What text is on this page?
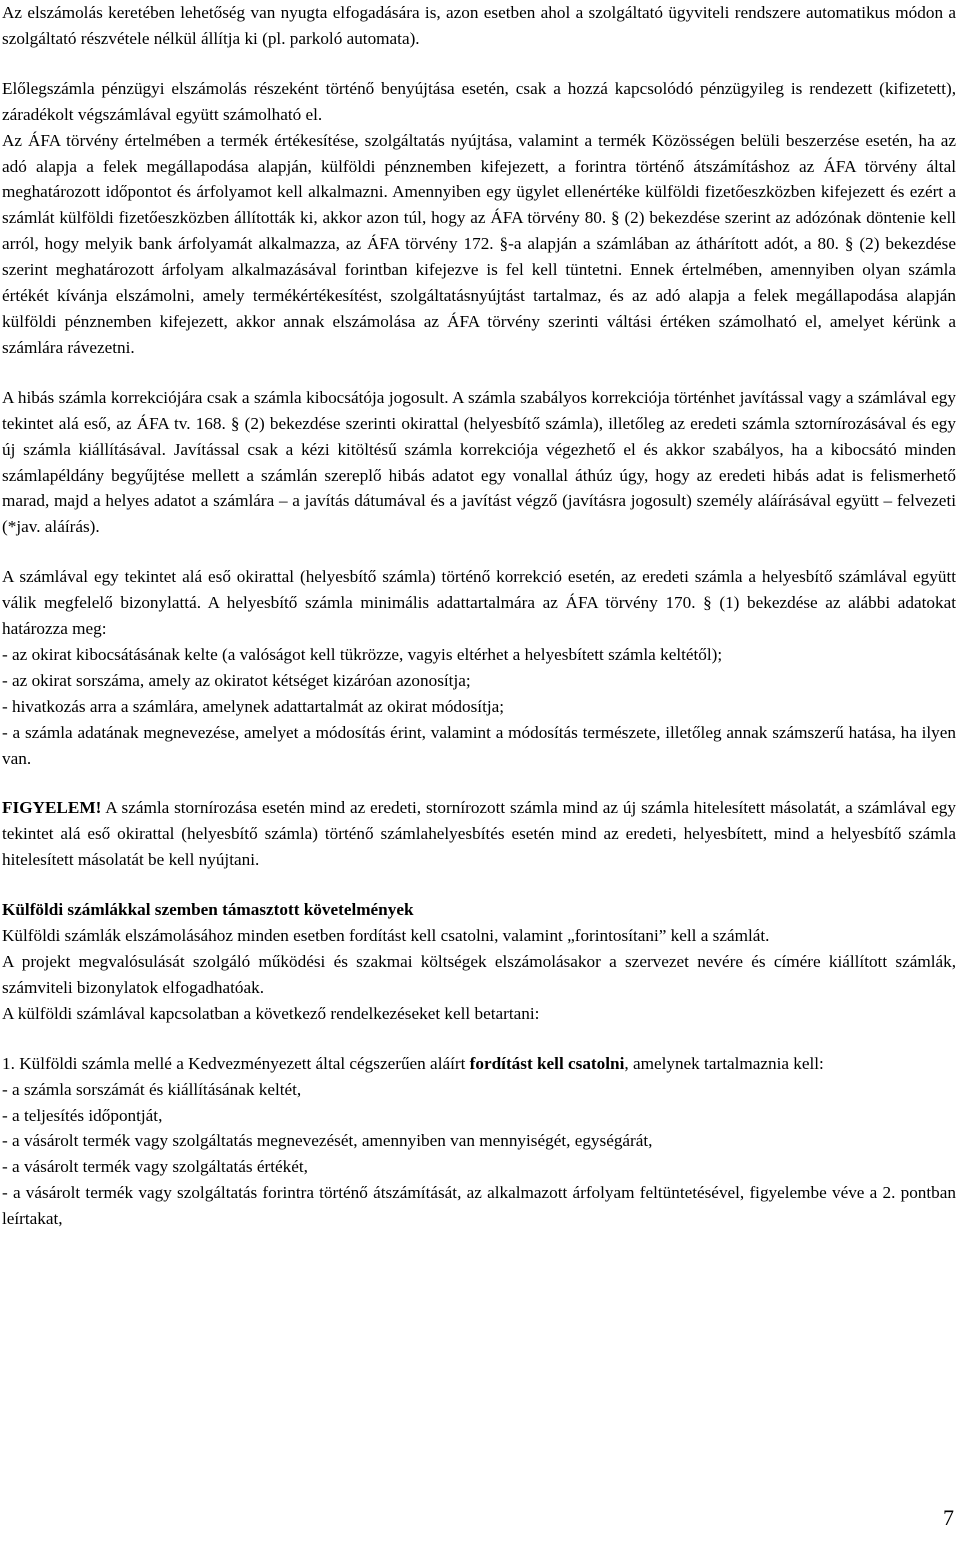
Az elszámolás keretében lehetőség van nyugta elfogadására is, azon esetben ahol a szolgáltató ügyviteli rendszere automatikus módon a szolgáltató részvétele nélkül állítja ki (pl. parkoló automata).

Előlegszámla pénzügyi elszámolás részeként történő benyújtása esetén, csak a hozzá kapcsolódó pénzügyileg is rendezett (kifizetett), záradékolt végszámlával együtt számolható el.

Az ÁFA törvény értelmében a termék értékesítése, szolgáltatás nyújtása, valamint a termék Közösségen belüli beszerzése esetén, ha az adó alapja a felek megállapodása alapján, külföldi pénznemben kifejezett, a forintra történő átszámításhoz az ÁFA törvény által meghatározott időpontot és árfolyamot kell alkalmazni. Amennyiben egy ügylet ellenértéke külföldi fizetőeszközben kifejezett és ezért a számlát külföldi fizetőeszközben állították ki, akkor azon túl, hogy az ÁFA törvény 80. § (2) bekezdése szerint az adózónak döntenie kell arról, hogy melyik bank árfolyamát alkalmazza, az ÁFA törvény 172. §-a alapján a számlában az áthárított adót, a 80. § (2) bekezdése szerint meghatározott árfolyam alkalmazásával forintban kifejezve is fel kell tüntetni. Ennek értelmében, amennyiben olyan számla értékét kívánja elszámolni, amely termékértékesítést, szolgáltatásnyújtást tartalmaz, és az adó alapja a felek megállapodása alapján külföldi pénznemben kifejezett, akkor annak elszámolása az ÁFA törvény szerinti váltási értéken számolható el, amelyet kérünk a számlára rávezetni.

A hibás számla korrekciójára csak a számla kibocsátója jogosult. A számla szabályos korrekciója történhet javítással vagy a számlával egy tekintet alá eső, az ÁFA tv. 168. § (2) bekezdése szerinti okirattal (helyesbítő számla), illetőleg az eredeti számla sztornírozásával és egy új számla kiállításával. Javítással csak a kézi kitöltésű számla korrekciója végezhető el és akkor szabályos, ha a kibocsátó minden számlapéldány begyűjtése mellett a számlán szereplő hibás adatot egy vonallal áthúz úgy, hogy az eredeti hibás adat is felismerhető marad, majd a helyes adatot a számlára – a javítás dátumával és a javítást végző (javításra jogosult) személy aláírásával együtt – felvezeti (*jav. aláírás).

A számlával egy tekintet alá eső okirattal (helyesbítő számla) történő korrekció esetén, az eredeti számla a helyesbítő számlával együtt válik megfelelő bizonylattá. A helyesbítő számla minimális adattartalmára az ÁFA törvény 170. § (1) bekezdése az alábbi adatokat határozza meg:

- az okirat kibocsátásának kelte (a valóságot kell tükrözze, vagyis eltérhet a helyesbített számla keltétől);

- az okirat sorszáma, amely az okiratot kétséget kizáróan azonosítja;

- hivatkozás arra a számlára, amelynek adattartalmát az okirat módosítja;

- a számla adatának megnevezése, amelyet a módosítás érint, valamint a módosítás természete, illetőleg annak számszerű hatása, ha ilyen van.

FIGYELEM! A számla stornírozása esetén mind az eredeti, stornírozott számla mind az új számla hitelesített másolatát, a számlával egy tekintet alá eső okirattal (helyesbítő számla) történő számlahelyesbítés esetén mind az eredeti, helyesbített, mind a helyesbítő számla hitelesített másolatát be kell nyújtani.

Külföldi számlákkal szemben támasztott követelmények

Külföldi számlák elszámolásához minden esetben fordítást kell csatolni, valamint „forintosítani” kell a számlát.

A projekt megvalósulását szolgáló működési és szakmai költségek elszámolásakor a szervezet nevére és címére kiállított számlák, számviteli bizonylatok elfogadhatóak.

A külföldi számlával kapcsolatban a következő rendelkezéseket kell betartani:

1. Külföldi számla mellé a Kedvezményezett által cégszerűen aláírt fordítást kell csatolni, amelynek tartalmaznia kell:

- a számla sorszámát és kiállításának keltét,

- a teljesítés időpontját,

- a vásárolt termék vagy szolgáltatás megnevezését, amennyiben van mennyiségét, egységárát,

- a vásárolt termék vagy szolgáltatás értékét,

- a vásárolt termék vagy szolgáltatás forintra történő átszámítását, az alkalmazott árfolyam feltüntetésével, figyelembe véve a 2. pontban leírtakat,

7
